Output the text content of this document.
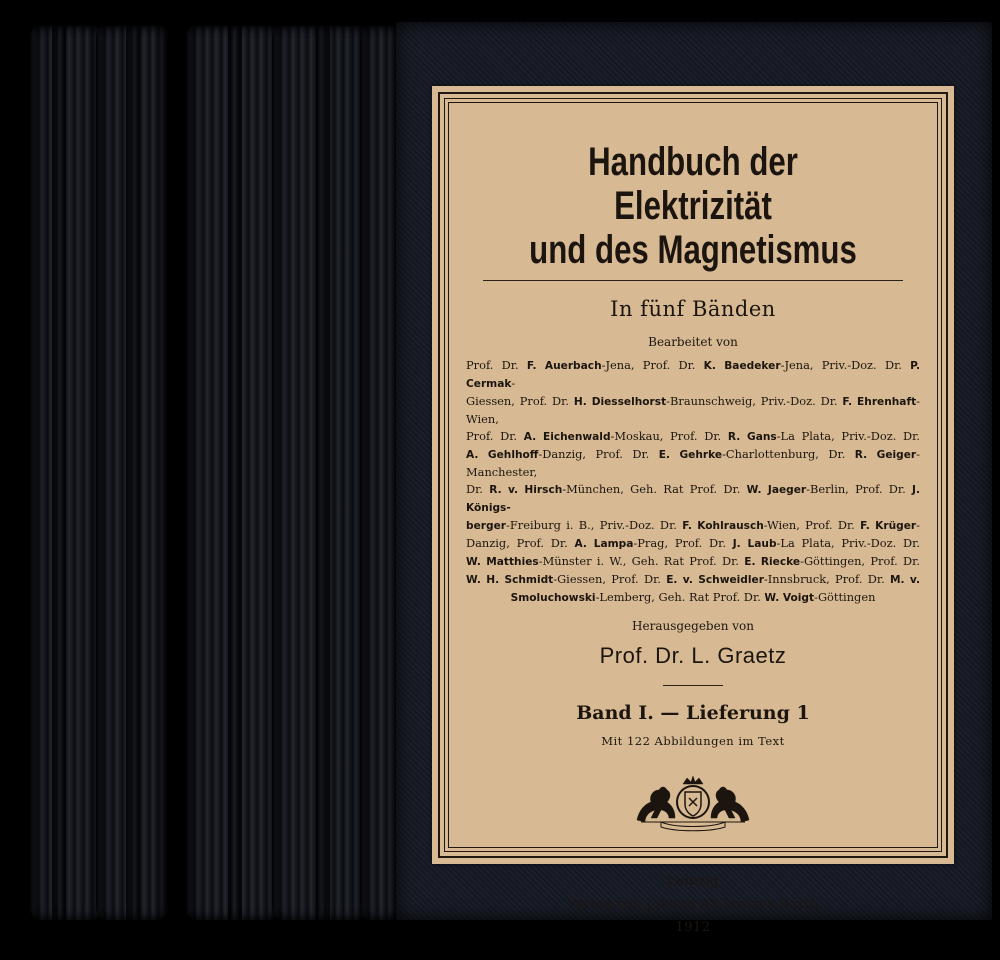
Handbuch der Elektrizität
und des Magnetismus
In fünf Bänden
Bearbeitet von
Prof. Dr. F. Auerbach-Jena, Prof. Dr. K. Baedeker-Jena, Priv.-Doz. Dr. P. Cermak-
Giessen, Prof. Dr. H. Diesselhorst-Braunschweig, Priv.-Doz. Dr. F. Ehrenhaft-Wien,
Prof. Dr. A. Eichenwald-Moskau, Prof. Dr. R. Gans-La Plata, Priv.-Doz. Dr.
A. Gehlhoff-Danzig, Prof. Dr. E. Gehrke-Charlottenburg, Dr. R. Geiger-Manchester,
Dr. R. v. Hirsch-München, Geh. Rat Prof. Dr. W. Jaeger-Berlin, Prof. Dr. J. Königs-
berger-Freiburg i. B., Priv.-Doz. Dr. F. Kohlrausch-Wien, Prof. Dr. F. Krüger-
Danzig, Prof. Dr. A. Lampa-Prag, Prof. Dr. J. Laub-La Plata, Priv.-Doz. Dr.
W. Matthies-Münster i. W., Geh. Rat Prof. Dr. E. Riecke-Göttingen, Prof. Dr.
W. H. Schmidt-Giessen, Prof. Dr. E. v. Schweidler-Innsbruck, Prof. Dr. M. v.
Smoluchowski-Lemberg, Geh. Rat Prof. Dr. W. Voigt-Göttingen
Herausgegeben von
Prof. Dr. L. Graetz
Band I. — Lieferung 1
Mit 122 Abbildungen im Text
Leipzig
Verlag von Johann Ambrosius Barth
1912
